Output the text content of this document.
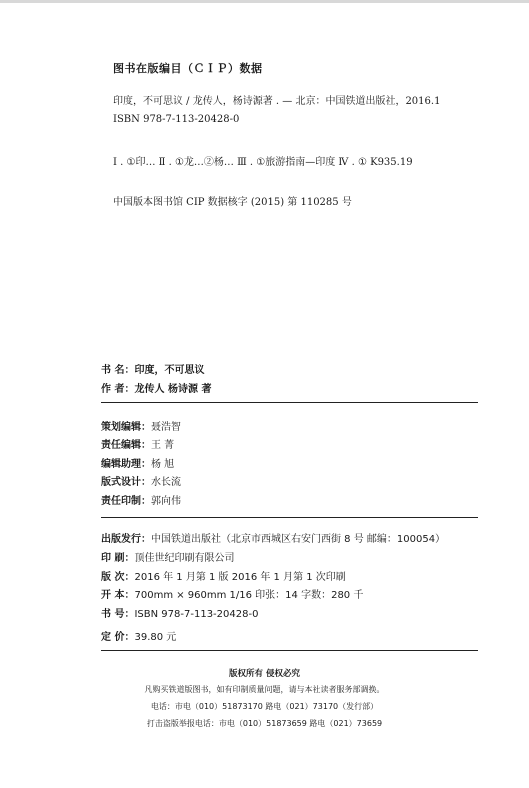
图书在版编目（ＣＩＰ）数据
印度，不可思议 / 龙传人，杨诗源著 . — 北京：中国铁道出版社，2016.1
ISBN 978-7-113-20428-0
Ⅰ . ①印… Ⅱ . ①龙…②杨… Ⅲ . ①旅游指南—印度 Ⅳ . ① K935.19
中国版本图书馆 CIP 数据核字 (2015) 第 110285 号
书 名：印度，不可思议
作 者：龙传人 杨诗源 著
策划编辑：聂浩智
责任编辑：王 菁
编辑助理：杨 旭
版式设计：水长流
责任印制：郭向伟
出版发行：中国铁道出版社（北京市西城区右安门西街 8 号 邮编：100054）
印 刷：顶佳世纪印刷有限公司
版 次：2016 年 1 月第 1 版 2016 年 1 月第 1 次印刷
开 本：700mm × 960mm 1/16 印张：14 字数：280 千
书 号：ISBN 978-7-113-20428-0
定 价：39.80 元
版权所有 侵权必究
凡购买铁道版图书，如有印制质量问题，请与本社读者服务部调换。
电话：市电（010）51873170 路电（021）73170（发行部）
打击盗版举报电话：市电（010）51873659 路电（021）73659
